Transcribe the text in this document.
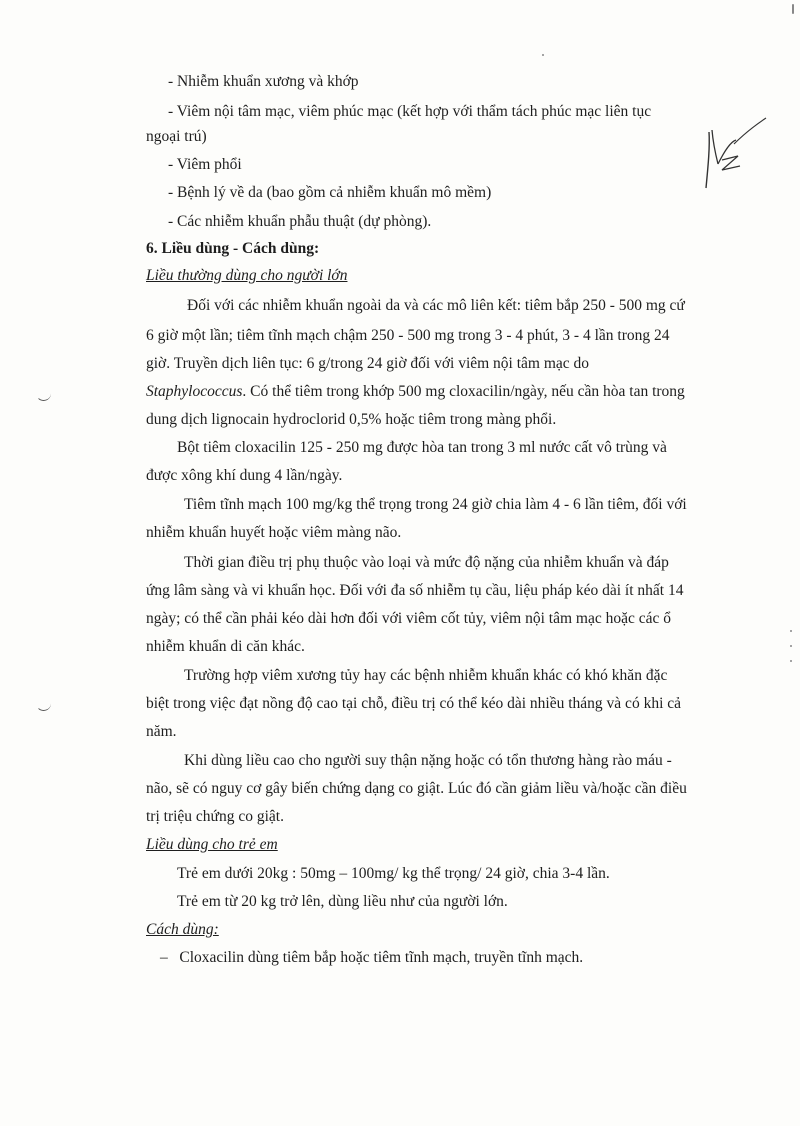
- Nhiễm khuẩn xương và khớp
- Viêm nội tâm mạc, viêm phúc mạc (kết hợp với thẩm tách phúc mạc liên tục
ngoại trú)
- Viêm phổi
- Bệnh lý về da (bao gồm cả nhiễm khuẩn mô mềm)
- Các nhiễm khuẩn phẫu thuật (dự phòng).
6. Liều dùng - Cách dùng:
Liều thường dùng cho người lớn
Đối với các nhiễm khuẩn ngoài da và các mô liên kết: tiêm bắp 250 - 500 mg cứ
6 giờ một lần; tiêm tĩnh mạch chậm 250 - 500 mg trong 3 - 4 phút, 3 - 4 lần trong 24
giờ. Truyền dịch liên tục: 6 g/trong 24 giờ đối với viêm nội tâm mạc do
Staphylococcus. Có thể tiêm trong khớp 500 mg cloxacilin/ngày, nếu cần hòa tan trong
dung dịch lignocain hydroclorid 0,5% hoặc tiêm trong màng phổi.
Bột tiêm cloxacilin 125 - 250 mg được hòa tan trong 3 ml nước cất vô trùng và
được xông khí dung 4 lần/ngày.
Tiêm tĩnh mạch 100 mg/kg thể trọng trong 24 giờ chia làm 4 - 6 lần tiêm, đối với
nhiễm khuẩn huyết hoặc viêm màng não.
Thời gian điều trị phụ thuộc vào loại và mức độ nặng của nhiễm khuẩn và đáp
ứng lâm sàng và vi khuẩn học. Đối với đa số nhiễm tụ cầu, liệu pháp kéo dài ít nhất 14
ngày; có thể cần phải kéo dài hơn đối với viêm cốt tủy, viêm nội tâm mạc hoặc các ổ
nhiễm khuẩn di căn khác.
Trường hợp viêm xương tủy hay các bệnh nhiễm khuẩn khác có khó khăn đặc
biệt trong việc đạt nồng độ cao tại chỗ, điều trị có thể kéo dài nhiều tháng và có khi cả
năm.
Khi dùng liều cao cho người suy thận nặng hoặc có tổn thương hàng rào máu -
não, sẽ có nguy cơ gây biến chứng dạng co giật. Lúc đó cần giảm liều và/hoặc cần điều
trị triệu chứng co giật.
Liều dùng cho trẻ em
Trẻ em dưới 20kg : 50mg – 100mg/ kg thể trọng/ 24 giờ, chia 3-4 lần.
Trẻ em từ 20 kg trở lên, dùng liều như của người lớn.
Cách dùng:
– Cloxacilin dùng tiêm bắp hoặc tiêm tĩnh mạch, truyền tĩnh mạch.
